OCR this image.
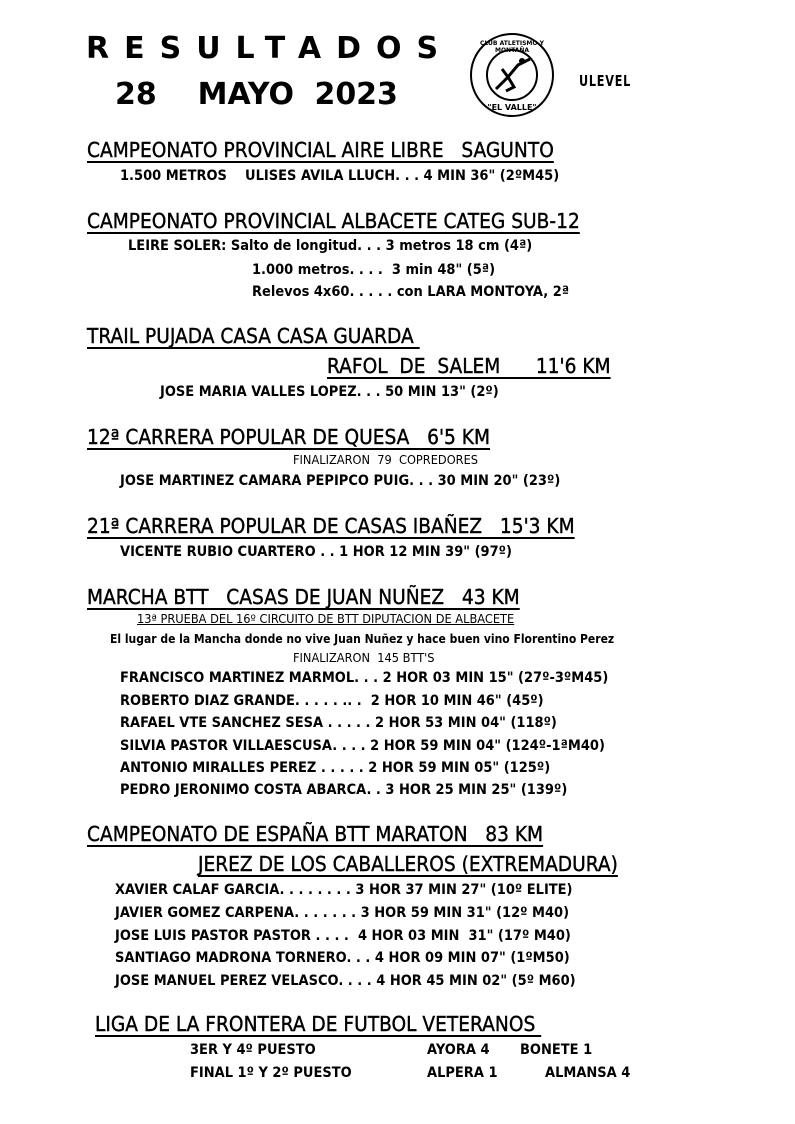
RESULTADOS
28  MAYO 2023
CLUB ATLETISMO Y MONTAÑA
"EL VALLE"
ULEVEL
CAMPEONATO PROVINCIAL AIRE LIBRE   SAGUNTO
1.500 METROS    ULISES AVILA LLUCH. . . 4 MIN 36" (2ºM45)
CAMPEONATO PROVINCIAL ALBACETE CATEG SUB-12
LEIRE SOLER: Salto de longitud. . . 3 metros 18 cm (4ª)
1.000 metros. . . .  3 min 48" (5ª)
Relevos 4x60. . . . . con LARA MONTOYA, 2ª
TRAIL PUJADA CASA CASA GUARDA
RAFOL  DE  SALEM      11'6 KM
JOSE MARIA VALLES LOPEZ. . . 50 MIN 13" (2º)
12ª CARRERA POPULAR DE QUESA   6'5 KM
FINALIZARON  79  COPREDORES
JOSE MARTINEZ CAMARA PEPIPCO PUIG. . . 30 MIN 20" (23º)
21ª CARRERA POPULAR DE CASAS IBAÑEZ   15'3 KM
VICENTE RUBIO CUARTERO . . 1 HOR 12 MIN 39" (97º)
MARCHA BTT   CASAS DE JUAN NUÑEZ   43 KM
13ª PRUEBA DEL 16º CIRCUITO DE BTT DIPUTACION DE ALBACETE
El lugar de la Mancha donde no vive Juan Nuñez y hace buen vino Florentino Perez
FINALIZARON  145 BTT'S
FRANCISCO MARTINEZ MARMOL. . . 2 HOR 03 MIN 15" (27º-3ºM45)
ROBERTO DIAZ GRANDE. . . . . .. .  2 HOR 10 MIN 46" (45º)
RAFAEL VTE SANCHEZ SESA . . . . . 2 HOR 53 MIN 04" (118º)
SILVIA PASTOR VILLAESCUSA. . . . 2 HOR 59 MIN 04" (124º-1ªM40)
ANTONIO MIRALLES PEREZ . . . . . 2 HOR 59 MIN 05" (125º)
PEDRO JERONIMO COSTA ABARCA. . 3 HOR 25 MIN 25" (139º)
CAMPEONATO DE ESPAÑA BTT MARATON   83 KM
JEREZ DE LOS CABALLEROS (EXTREMADURA)
XAVIER CALAF GARCIA. . . . . . . . 3 HOR 37 MIN 27" (10º ELITE)
JAVIER GOMEZ CARPENA. . . . . . . 3 HOR 59 MIN 31" (12º M40)
JOSE LUIS PASTOR PASTOR . . . .  4 HOR 03 MIN  31" (17º M40)
SANTIAGO MADRONA TORNERO. . . 4 HOR 09 MIN 07" (1ºM50)
JOSE MANUEL PEREZ VELASCO. . . . 4 HOR 45 MIN 02" (5º M60)
LIGA DE LA FRONTERA DE FUTBOL VETERANOS
3ER Y 4º PUESTO	AYORA 4 BONETE 1
FINAL 1º Y 2º PUESTO	ALPERA 1	ALMANSA 4
